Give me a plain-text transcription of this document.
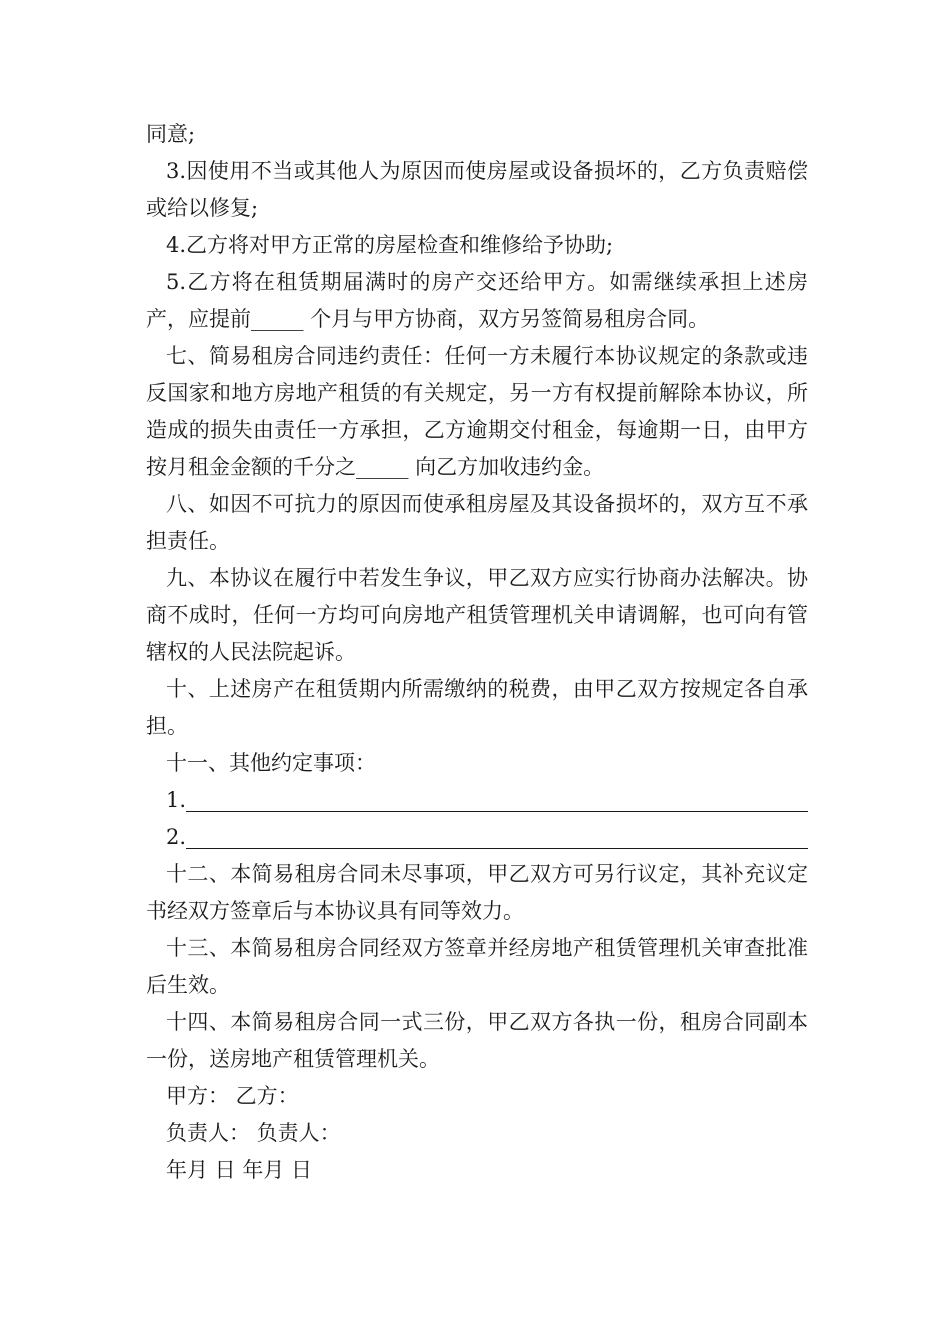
同意;

3.因使用不当或其他人为原因而使房屋或设备损坏的，乙方负责赔偿或给以修复;

4.乙方将对甲方正常的房屋检查和维修给予协助;

5.乙方将在租赁期届满时的房产交还给甲方。如需继续承担上述房产，应提前_____ 个月与甲方协商，双方另签简易租房合同。

七、简易租房合同违约责任：任何一方未履行本协议规定的条款或违反国家和地方房地产租赁的有关规定，另一方有权提前解除本协议，所造成的损失由责任一方承担，乙方逾期交付租金，每逾期一日，由甲方按月租金金额的千分之_____ 向乙方加收违约金。

八、如因不可抗力的原因而使承租房屋及其设备损坏的，双方互不承担责任。

九、本协议在履行中若发生争议，甲乙双方应实行协商办法解决。协商不成时，任何一方均可向房地产租赁管理机关申请调解，也可向有管辖权的人民法院起诉。

十、上述房产在租赁期内所需缴纳的税费，由甲乙双方按规定各自承担。

十一、其他约定事项：

1.
2.

十二、本简易租房合同未尽事项，甲乙双方可另行议定，其补充议定书经双方签章后与本协议具有同等效力。

十三、本简易租房合同经双方签章并经房地产租赁管理机关审查批准后生效。

十四、本简易租房合同一式三份，甲乙双方各执一份，租房合同副本一份，送房地产租赁管理机关。

甲方： 乙方：

负责人： 负责人：

年月 日 年月 日
